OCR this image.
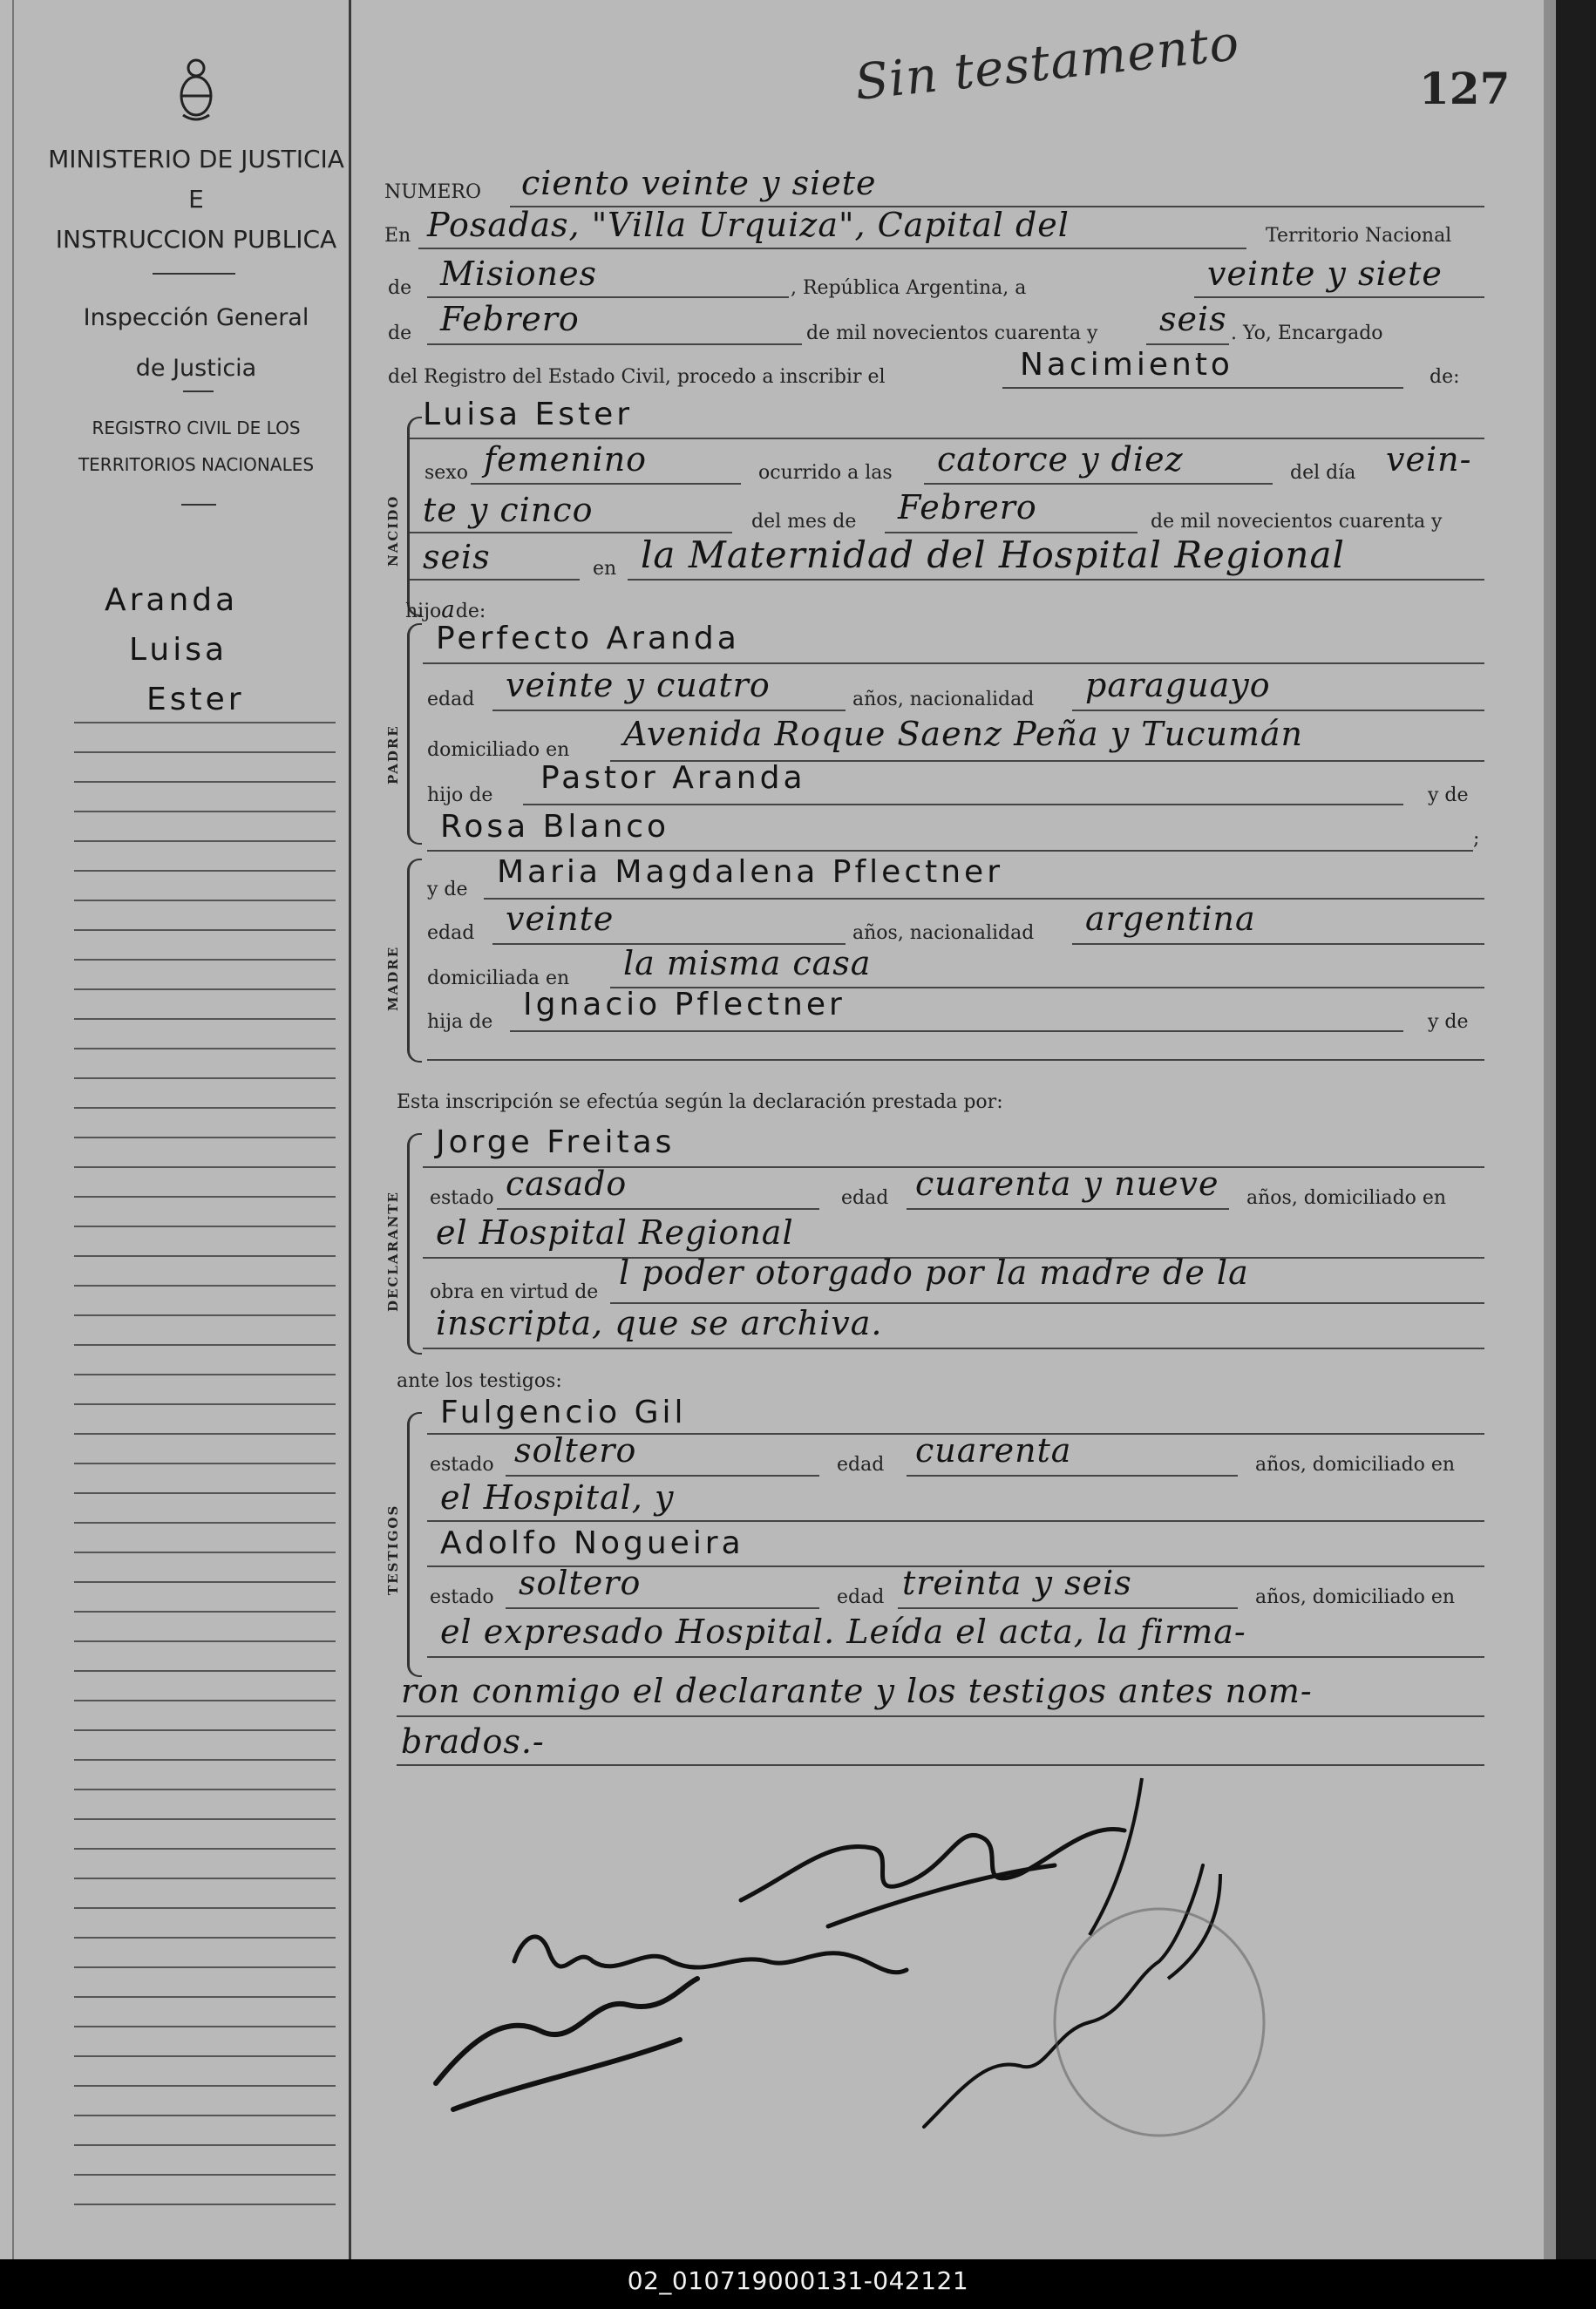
MINISTERIO DE JUSTICIA
E
INSTRUCCION PUBLICA
Inspección General
de Justicia
REGISTRO CIVIL DE LOS
TERRITORIOS NACIONALES
Aranda
Luisa
Ester
127
Sin testamento
NUMERO ciento veinte y siete
En Posadas, "Villa Urquiza", Capital del	Territorio Nacional
de Misiones	, República Argentina, a	veinte y siete
de Febrero	de mil novecientos cuarenta y seis . Yo, Encargado
del Registro del Estado Civil, procedo a inscribir el	Nacimiento	de:
Luisa Ester
NACIDO
sexo femenino	ocurrido a las catorce y diez	del día vein-
te y cinco	del mes de Febrero	de mil novecientos cuarenta y
seis	en la Maternidad del Hospital Regional
hijoade:
PADRE
Perfecto Aranda
edad veinte y cuatro	años, nacionalidad paraguayo
domiciliado en Avenida Roque Saenz Peña y Tucumán
hijo de Pastor Aranda	y de
Rosa Blanco	;
MADRE
y de Maria Magdalena Pflectner
edad veinte	años, nacionalidad argentina
domiciliada en la misma casa
hija de Ignacio Pflectner	y de
Esta inscripción se efectúa según la declaración prestada por:
DECLARANTE
Jorge Freitas
estado casado	edad cuarenta y nueve años, domiciliado en
el Hospital Regional
obra en virtud de
l poder otorgado por la madre de la
inscripta, que se archiva.
ante los testigos:
TESTIGOS
Fulgencio Gil
estado soltero	edad cuarenta	años, domiciliado en
el Hospital, y
Adolfo Nogueira
estado soltero	edad treinta y seis	años, domiciliado en
el expresado Hospital. Leída el acta, la firma-
ron conmigo el declarante y los testigos antes nom-
brados.-
02_010719000131-042121
